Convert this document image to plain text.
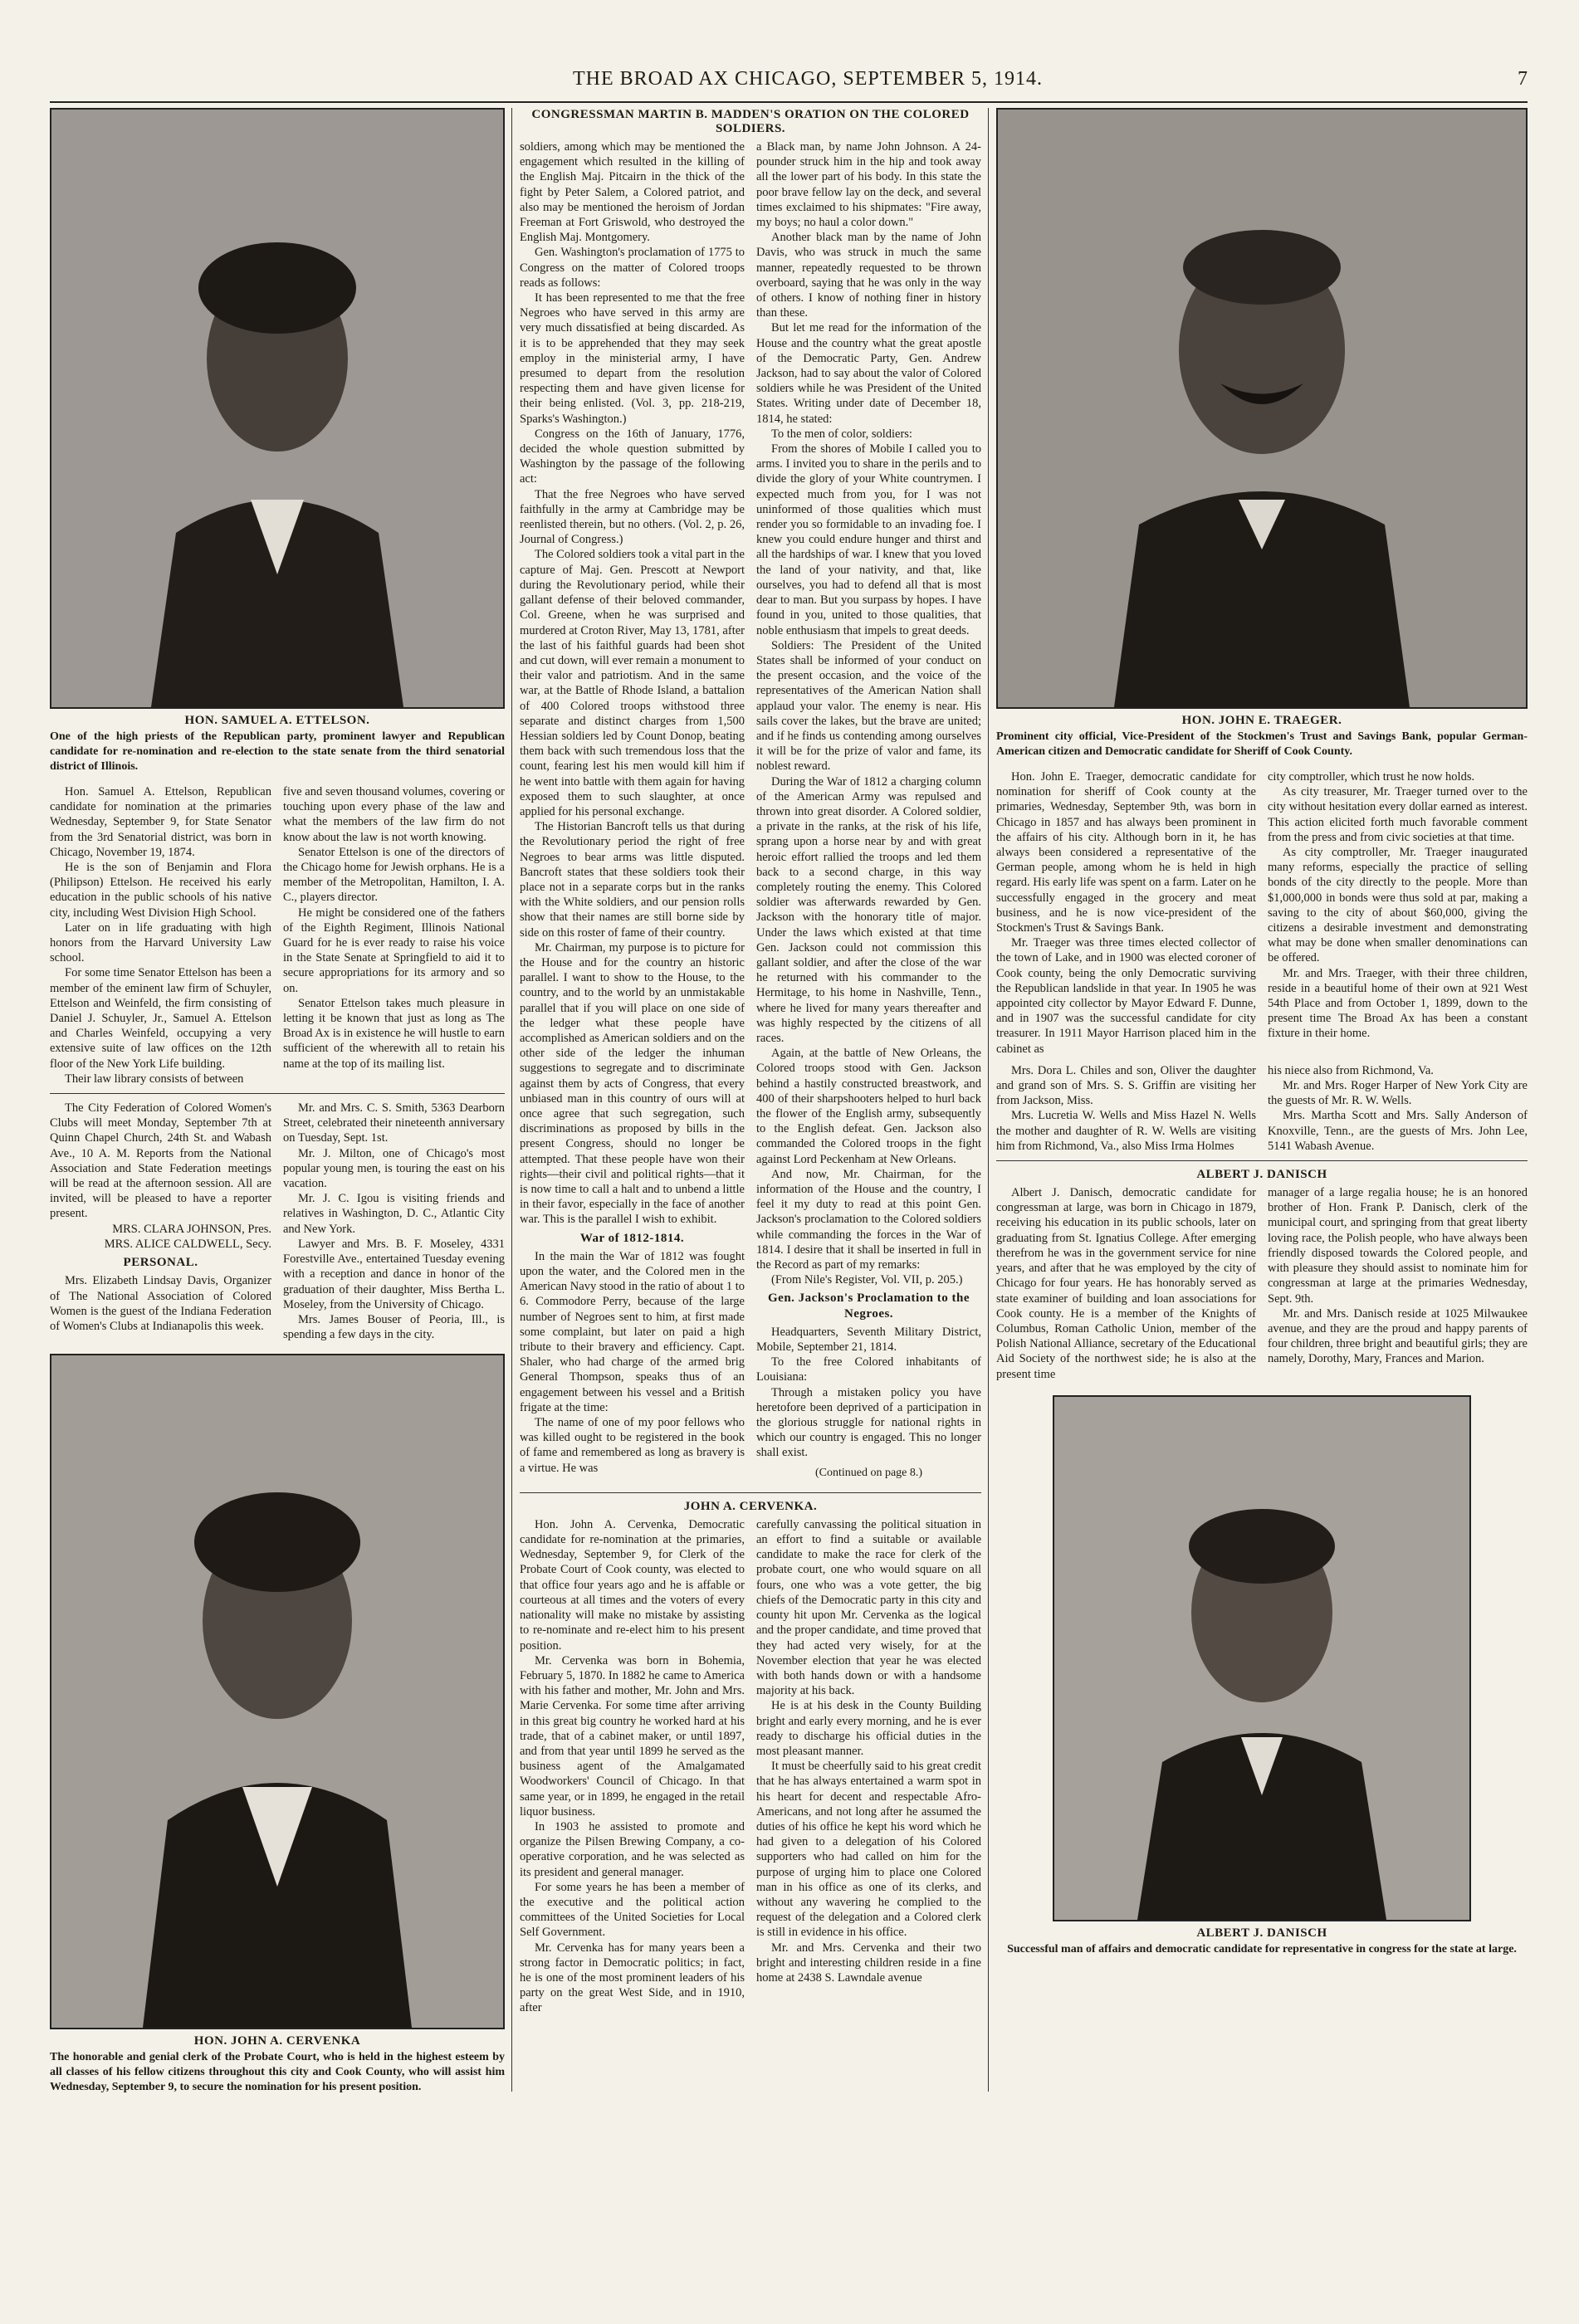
THE BROAD AX CHICAGO, SEPTEMBER 5, 1914.	7
HON. SAMUEL A. ETTELSON.

One of the high priests of the Republican party, prominent lawyer and Republican candidate for re-nomination and re-election to the state senate from the third senatorial district of Illinois.

Hon. Samuel A. Ettelson, Republican candidate for nomination at the primaries Wednesday, September 9, for State Senator from the 3rd Senatorial district, was born in Chicago, November 19, 1874.

He is the son of Benjamin and Flora (Philipson) Ettelson. He received his early education in the public schools of his native city, including West Division High School.

Later on in life graduating with high honors from the Harvard University Law school.

For some time Senator Ettelson has been a member of the eminent law firm of Schuyler, Ettelson and Weinfeld, the firm consisting of Daniel J. Schuyler, Jr., Samuel A. Ettelson and Charles Weinfeld, occupying a very extensive suite of law offices on the 12th floor of the New York Life building.

Their law library consists of between

five and seven thousand volumes, covering or touching upon every phase of the law and what the members of the law firm do not know about the law is not worth knowing.

Senator Ettelson is one of the directors of the Chicago home for Jewish orphans. He is a member of the Metropolitan, Hamilton, I. A. C., players director.

He might be considered one of the fathers of the Eighth Regiment, Illinois National Guard for he is ever ready to raise his voice in the State Senate at Springfield to aid it to secure appropriations for its armory and so on.

Senator Ettelson takes much pleasure in letting it be known that just as long as The Broad Ax is in existence he will hustle to earn sufficient of the wherewith all to retain his name at the top of its mailing list.

The City Federation of Colored Women's Clubs will meet Monday, September 7th at Quinn Chapel Church, 24th St. and Wabash Ave., 10 A. M. Reports from the National Association and State Federation meetings will be read at the afternoon session. All are invited, will be pleased to have a reporter present.

MRS. CLARA JOHNSON, Pres.

MRS. ALICE CALDWELL, Secy.

PERSONAL.

Mrs. Elizabeth Lindsay Davis, Organizer of The National Association of Colored Women is the guest of the Indiana Federation of Women's Clubs at Indianapolis this week.

Mr. and Mrs. C. S. Smith, 5363 Dearborn Street, celebrated their nineteenth anniversary on Tuesday, Sept. 1st.

Mr. J. Milton, one of Chicago's most popular young men, is touring the east on his vacation.

Mr. J. C. Igou is visiting friends and relatives in Washington, D. C., Atlantic City and New York.

Lawyer and Mrs. B. F. Moseley, 4331 Forestville Ave., entertained Tuesday evening with a reception and dance in honor of the graduation of their daughter, Miss Bertha L. Moseley, from the University of Chicago.

Mrs. James Bouser of Peoria, Ill., is spending a few days in the city.

HON. JOHN A. CERVENKA

The honorable and genial clerk of the Probate Court, who is held in the highest esteem by all classes of his fellow citizens throughout this city and Cook County, who will assist him Wednesday, September 9, to secure the nomination for his present position.

CONGRESSMAN MARTIN B. MADDEN'S ORATION ON THE COLORED SOLDIERS.

soldiers, among which may be mentioned the engagement which resulted in the killing of the English Maj. Pitcairn in the thick of the fight by Peter Salem, a Colored patriot, and also may be mentioned the heroism of Jordan Freeman at Fort Griswold, who destroyed the English Maj. Montgomery.

Gen. Washington's proclamation of 1775 to Congress on the matter of Colored troops reads as follows:

It has been represented to me that the free Negroes who have served in this army are very much dissatisfied at being discarded. As it is to be apprehended that they may seek employ in the ministerial army, I have presumed to depart from the resolution respecting them and have given license for their being enlisted. (Vol. 3, pp. 218-219, Sparks's Washington.)

Congress on the 16th of January, 1776, decided the whole question submitted by Washington by the passage of the following act:

That the free Negroes who have served faithfully in the army at Cambridge may be reenlisted therein, but no others. (Vol. 2, p. 26, Journal of Congress.)

The Colored soldiers took a vital part in the capture of Maj. Gen. Prescott at Newport during the Revolutionary period, while their gallant defense of their beloved commander, Col. Greene, when he was surprised and murdered at Croton River, May 13, 1781, after the last of his faithful guards had been shot and cut down, will ever remain a monument to their valor and patriotism. And in the same war, at the Battle of Rhode Island, a battalion of 400 Colored troops withstood three separate and distinct charges from 1,500 Hessian soldiers led by Count Donop, beating them back with such tremendous loss that the count, fearing lest his men would kill him if he went into battle with them again for having exposed them to such slaughter, at once applied for his personal exchange.

The Historian Bancroft tells us that during the Revolutionary period the right of free Negroes to bear arms was little disputed. Bancroft states that these soldiers took their place not in a separate corps but in the ranks with the White soldiers, and our pension rolls show that their names are still borne side by side on this roster of fame of their country.

Mr. Chairman, my purpose is to picture for the House and for the country an historic parallel. I want to show to the House, to the country, and to the world by an unmistakable parallel that if you will place on one side of the ledger what these people have accomplished as American soldiers and on the other side of the ledger the inhuman suggestions to segregate and to discriminate against them by acts of Congress, that every unbiased man in this country of ours will at once agree that such segregation, such discriminations as proposed by bills in the present Congress, should no longer be attempted. That these people have won their rights—their civil and political rights—that it is now time to call a halt and to unbend a little in their favor, especially in the face of another war. This is the parallel I wish to exhibit.

War of 1812-1814.

In the main the War of 1812 was fought upon the water, and the Colored men in the American Navy stood in the ratio of about 1 to 6. Commodore Perry, because of the large number of Negroes sent to him, at first made some complaint, but later on paid a high tribute to their bravery and efficiency. Capt. Shaler, who had charge of the armed brig General Thompson, speaks thus of an engagement between his vessel and a British frigate at the time:

The name of one of my poor fellows who was killed ought to be registered in the book of fame and remembered as long as bravery is a virtue. He was

a Black man, by name John Johnson. A 24-pounder struck him in the hip and took away all the lower part of his body. In this state the poor brave fellow lay on the deck, and several times exclaimed to his shipmates: "Fire away, my boys; no haul a color down."

Another black man by the name of John Davis, who was struck in much the same manner, repeatedly requested to be thrown overboard, saying that he was only in the way of others. I know of nothing finer in history than these.

But let me read for the information of the House and the country what the great apostle of the Democratic Party, Gen. Andrew Jackson, had to say about the valor of Colored soldiers while he was President of the United States. Writing under date of December 18, 1814, he stated:

To the men of color, soldiers:

From the shores of Mobile I called you to arms. I invited you to share in the perils and to divide the glory of your White countrymen. I expected much from you, for I was not uninformed of those qualities which must render you so formidable to an invading foe. I knew you could endure hunger and thirst and all the hardships of war. I knew that you loved the land of your nativity, and that, like ourselves, you had to defend all that is most dear to man. But you surpass by hopes. I have found in you, united to those qualities, that noble enthusiasm that impels to great deeds.

Soldiers: The President of the United States shall be informed of your conduct on the present occasion, and the voice of the representatives of the American Nation shall applaud your valor. The enemy is near. His sails cover the lakes, but the brave are united; and if he finds us contending among ourselves it will be for the prize of valor and fame, its noblest reward.

During the War of 1812 a charging column of the American Army was repulsed and thrown into great disorder. A Colored soldier, a private in the ranks, at the risk of his life, sprang upon a horse near by and with great heroic effort rallied the troops and led them back to a second charge, in this way completely routing the enemy. This Colored soldier was afterwards rewarded by Gen. Jackson with the honorary title of major. Under the laws which existed at that time Gen. Jackson could not commission this gallant soldier, and after the close of the war he returned with his commander to the Hermitage, to his home in Nashville, Tenn., where he lived for many years thereafter and was highly respected by the citizens of all races.

Again, at the battle of New Orleans, the Colored troops stood with Gen. Jackson behind a hastily constructed breastwork, and 400 of their sharpshooters helped to hurl back the flower of the English army, subsequently to the English defeat. Gen. Jackson also commanded the Colored troops in the fight against Lord Peckenham at New Orleans.

And now, Mr. Chairman, for the information of the House and the country, I feel it my duty to read at this point Gen. Jackson's proclamation to the Colored soldiers while commanding the forces in the War of 1814. I desire that it shall be inserted in full in the Record as part of my remarks:

(From Nile's Register, Vol. VII, p. 205.)

Gen. Jackson's Proclamation to the Negroes.

Headquarters, Seventh Military District, Mobile, September 21, 1814.

To the free Colored inhabitants of Louisiana:

Through a mistaken policy you have heretofore been deprived of a participation in the glorious struggle for national rights in which our country is engaged. This no longer shall exist.

(Continued on page 8.)
JOHN A. CERVENKA.

Hon. John A. Cervenka, Democratic candidate for re-nomination at the primaries, Wednesday, September 9, for Clerk of the Probate Court of Cook county, was elected to that office four years ago and he is affable or courteous at all times and the voters of every nationality will make no mistake by assisting to re-nominate and re-elect him to his present position.

Mr. Cervenka was born in Bohemia, February 5, 1870. In 1882 he came to America with his father and mother, Mr. John and Mrs. Marie Cervenka. For some time after arriving in this great big country he worked hard at his trade, that of a cabinet maker, or until 1897, and from that year until 1899 he served as the business agent of the Amalgamated Woodworkers' Council of Chicago. In that same year, or in 1899, he engaged in the retail liquor business.

In 1903 he assisted to promote and organize the Pilsen Brewing Company, a co-operative corporation, and he was selected as its president and general manager.

For some years he has been a member of the executive and the political action committees of the United Societies for Local Self Government.

Mr. Cervenka has for many years been a strong factor in Democratic politics; in fact, he is one of the most prominent leaders of his party on the great West Side, and in 1910, after

carefully canvassing the political situation in an effort to find a suitable or available candidate to make the race for clerk of the probate court, one who would square on all fours, one who was a vote getter, the big chiefs of the Democratic party in this city and county hit upon Mr. Cervenka as the logical and the proper candidate, and time proved that they had acted very wisely, for at the November election that year he was elected with both hands down or with a handsome majority at his back.

He is at his desk in the County Building bright and early every morning, and he is ever ready to discharge his official duties in the most pleasant manner.

It must be cheerfully said to his great credit that he has always entertained a warm spot in his heart for decent and respectable Afro-Americans, and not long after he assumed the duties of his office he kept his word which he had given to a delegation of his Colored supporters who had called on him for the purpose of urging him to place one Colored man in his office as one of its clerks, and without any wavering he complied to the request of the delegation and a Colored clerk is still in evidence in his office.

Mr. and Mrs. Cervenka and their two bright and interesting children reside in a fine home at 2438 S. Lawndale avenue

HON. JOHN E. TRAEGER.

Prominent city official, Vice-President of the Stockmen's Trust and Savings Bank, popular German-American citizen and Democratic candidate for Sheriff of Cook County.

Hon. John E. Traeger, democratic candidate for nomination for sheriff of Cook county at the primaries, Wednesday, September 9th, was born in Chicago in 1857 and has always been prominent in the affairs of his city. Although born in it, he has always been considered a representative of the German people, among whom he is held in high regard. His early life was spent on a farm. Later on he successfully engaged in the grocery and meat business, and he is now vice-president of the Stockmen's Trust & Savings Bank.

Mr. Traeger was three times elected collector of the town of Lake, and in 1900 was elected coroner of Cook county, being the only Democratic surviving the Republican landslide in that year. In 1905 he was appointed city collector by Mayor Edward F. Dunne, and in 1907 was the successful candidate for city treasurer. In 1911 Mayor Harrison placed him in the cabinet as

city comptroller, which trust he now holds.

As city treasurer, Mr. Traeger turned over to the city without hesitation every dollar earned as interest. This action elicited forth much favorable comment from the press and from civic societies at that time.

As city comptroller, Mr. Traeger inaugurated many reforms, especially the practice of selling bonds of the city directly to the people. More than $1,000,000 in bonds were thus sold at par, making a saving to the city of about $60,000, giving the citizens a desirable investment and demonstrating what may be done when smaller denominations can be offered.

Mr. and Mrs. Traeger, with their three children, reside in a beautiful home of their own at 921 West 54th Place and from October 1, 1899, down to the present time The Broad Ax has been a constant fixture in their home.

Mrs. Dora L. Chiles and son, Oliver the daughter and grand son of Mrs. S. S. Griffin are visiting her from Jackson, Miss.

Mrs. Lucretia W. Wells and Miss Hazel N. Wells the mother and daughter of R. W. Wells are visiting him from Richmond, Va., also Miss Irma Holmes

his niece also from Richmond, Va.

Mr. and Mrs. Roger Harper of New York City are the guests of Mr. R. W. Wells.

Mrs. Martha Scott and Mrs. Sally Anderson of Knoxville, Tenn., are the guests of Mrs. John Lee, 5141 Wabash Avenue.

ALBERT J. DANISCH

Albert J. Danisch, democratic candidate for congressman at large, was born in Chicago in 1879, receiving his education in its public schools, later on graduating from St. Ignatius College. After emerging therefrom he was in the government service for nine years, and after that he was employed by the city of Chicago for four years. He has honorably served as state examiner of building and loan associations for Cook county. He is a member of the Knights of Columbus, Roman Catholic Union, member of the Polish National Alliance, secretary of the Educational Aid Society of the northwest side; he is also at the present time

manager of a large regalia house; he is an honored brother of Hon. Frank P. Danisch, clerk of the municipal court, and springing from that great liberty loving race, the Polish people, who have always been friendly disposed towards the Colored people, and with pleasure they should assist to nominate him for congressman at large at the primaries Wednesday, Sept. 9th.

Mr. and Mrs. Danisch reside at 1025 Milwaukee avenue, and they are the proud and happy parents of four children, three bright and beautiful girls; they are namely, Dorothy, Mary, Frances and Marion.

ALBERT J. DANISCH

Successful man of affairs and democratic candidate for representative in congress for the state at large.
